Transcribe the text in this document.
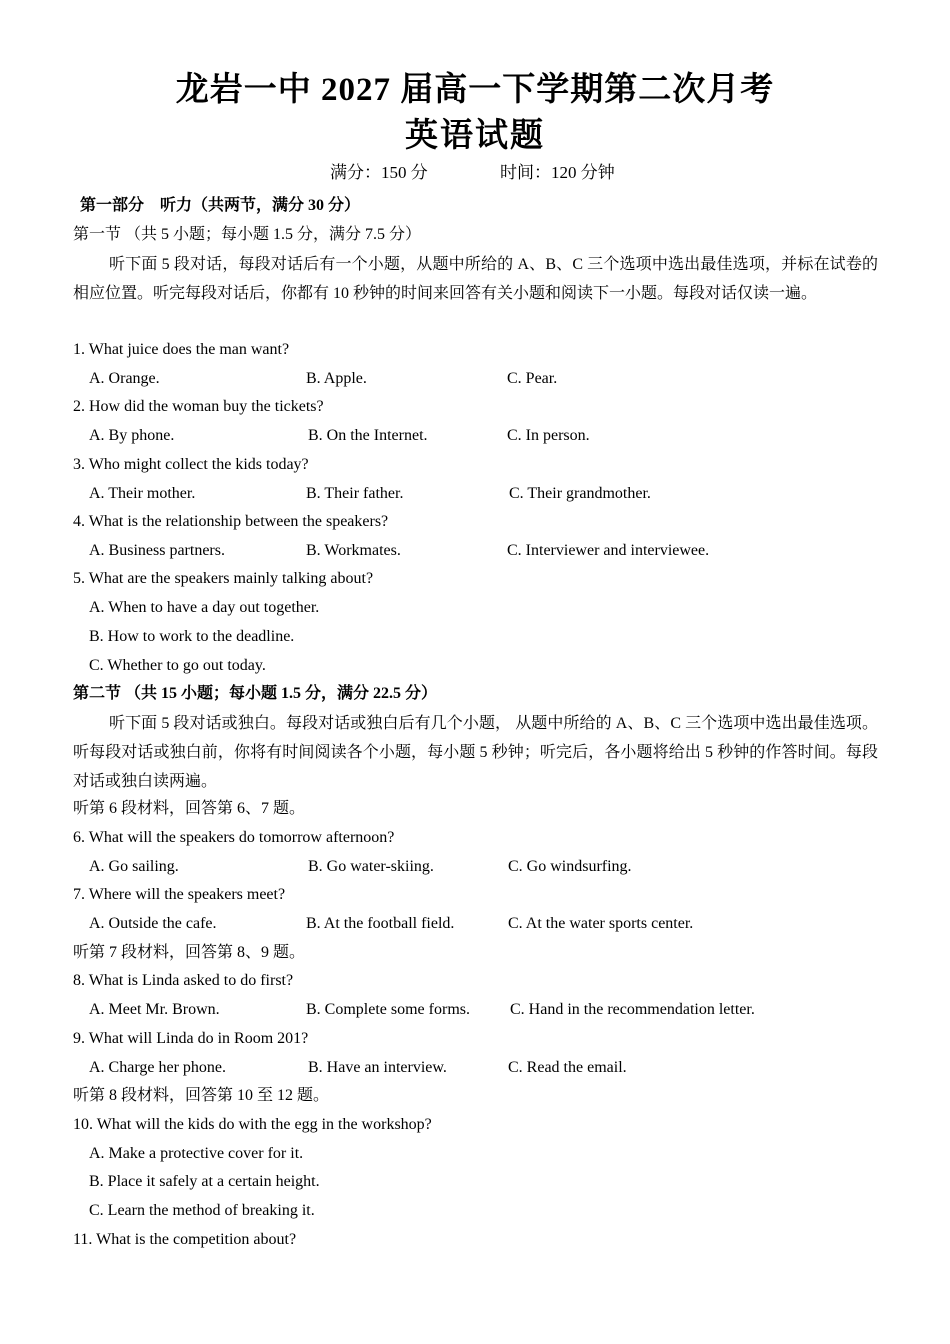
龙岩一中 2027 届高一下学期第二次月考
英语试题
满分：150 分	时间：120 分钟
第一部分　听力（共两节，满分 30 分）
第一节 （共 5 小题；每小题 1.5 分，满分 7.5 分）
听下面 5 段对话，每段对话后有一个小题，从题中所给的 A、B、C 三个选项中选出最佳选项，并标在试卷的相应位置。听完每段对话后，你都有 10 秒钟的时间来回答有关小题和阅读下一小题。每段对话仅读一遍。
1. What juice does the man want?
A. Orange.	B. Apple.	C. Pear.
2. How did the woman buy the tickets?
A. By phone.	B. On the Internet.	C. In person.
3. Who might collect the kids today?
A. Their mother.	B. Their father.	C. Their grandmother.
4. What is the relationship between the speakers?
A. Business partners.	B. Workmates.	C. Interviewer and interviewee.
5. What are the speakers mainly talking about?
A. When to have a day out together.
B. How to work to the deadline.
C. Whether to go out today.
第二节 （共 15 小题；每小题 1.5 分，满分 22.5 分）
听下面 5 段对话或独白。每段对话或独白后有几个小题， 从题中所给的 A、B、C 三个选项中选出最佳选项。听每段对话或独白前，你将有时间阅读各个小题，每小题 5 秒钟；听完后，各小题将给出 5 秒钟的作答时间。每段对话或独白读两遍。
听第 6 段材料，回答第 6、7 题。
6. What will the speakers do tomorrow afternoon?
A. Go sailing.	B. Go water-skiing.	C. Go windsurfing.
7. Where will the speakers meet?
A. Outside the cafe.	B. At the football field.	C. At the water sports center.
听第 7 段材料，回答第 8、9 题。
8. What is Linda asked to do first?
A. Meet Mr. Brown.	B. Complete some forms.	C. Hand in the recommendation letter.
9. What will Linda do in Room 201?
A. Charge her phone.	B. Have an interview.	C. Read the email.
听第 8 段材料，回答第 10 至 12 题。
10. What will the kids do with the egg in the workshop?
A. Make a protective cover for it.
B. Place it safely at a certain height.
C. Learn the method of breaking it.
11. What is the competition about?
